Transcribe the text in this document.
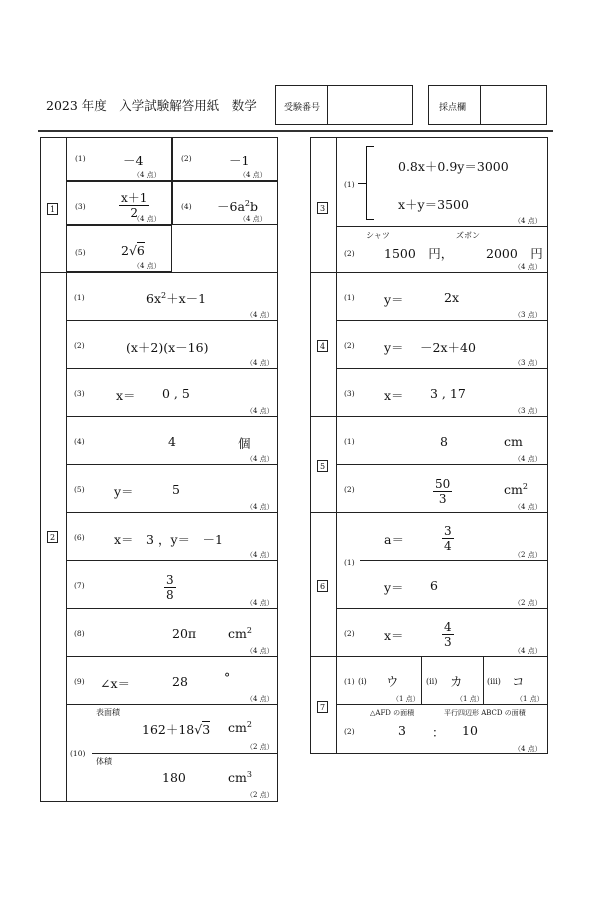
2023 年度　入学試験解答用紙　数学	受験番号	採点欄
1
(1)	－4
（4 点）
(2)	－1
（4 点）
(3)	$\frac{x+1}{2}$
（4 点）
$(4) -6a^2b$
（4 点）
(5)	2√6
（4 点）
2
(1)	$6x^2+x-1$
（4 点）
(2)	(x＋2)(x－16)
（4 点）
(3)	x＝ 0 , 5
（4 点）
(4)	4	個
（4 点）
(5) y＝	5
（4 点）
(6) x＝　3 ，y＝　－1
（4 点）
(7)	$\frac{3}{8}$
（4 点）
(8)	20π	$cm^2$
（4 点）
(9) ∠x＝	28	°
（4 点）
(10)
表面積
162＋18√3 $cm^2$
（2 点）
体積
180	$cm^3$
（2 点）
3
(1)
0.8x＋0.9y＝3000
x＋y＝3500
（4 点）
(2)
シャツ	ズボン
1500　円，	2000　円
（4 点）
4
(1) y＝	2x
（3 点）
(2) y＝ －2x＋40
（3 点）
(3) x＝ 3 , 17
（3 点）
5
(1)	8	cm
（4 点）
(2)	$\frac{50}{3}$	$cm^2$
（4 点）
6
(1)
a＝	$\frac{3}{4}$
（2 点）
y＝ 6
（2 点）
(2) x＝	$\frac{4}{3}$
（4 点）
7
(1) (ⅰ) ウ
（1 点）
(ⅱ) カ
（1 点）
(ⅲ) コ
（1 点）
(2)
△AFD の面積	平行四辺形 ABCD の面積
3 ： 10
（4 点）
